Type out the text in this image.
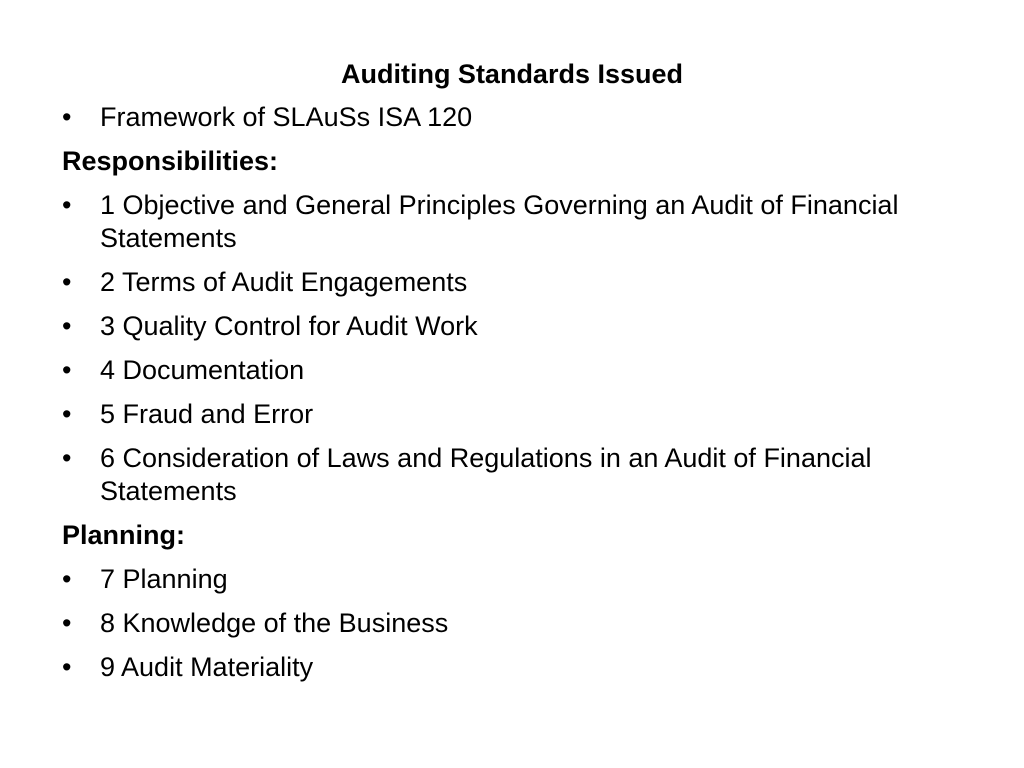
Auditing Standards Issued
•	Framework of SLAuSs ISA 120

Responsibilities:

•	1 Objective and General Principles Governing an Audit of Financial Statements
•	2 Terms of Audit Engagements
•	3 Quality Control for Audit Work
•	4 Documentation
•	5 Fraud and Error
•	6 Consideration of Laws and Regulations in an Audit of Financial Statements

Planning:

•	7 Planning
•	8 Knowledge of the Business
•	9 Audit Materiality
